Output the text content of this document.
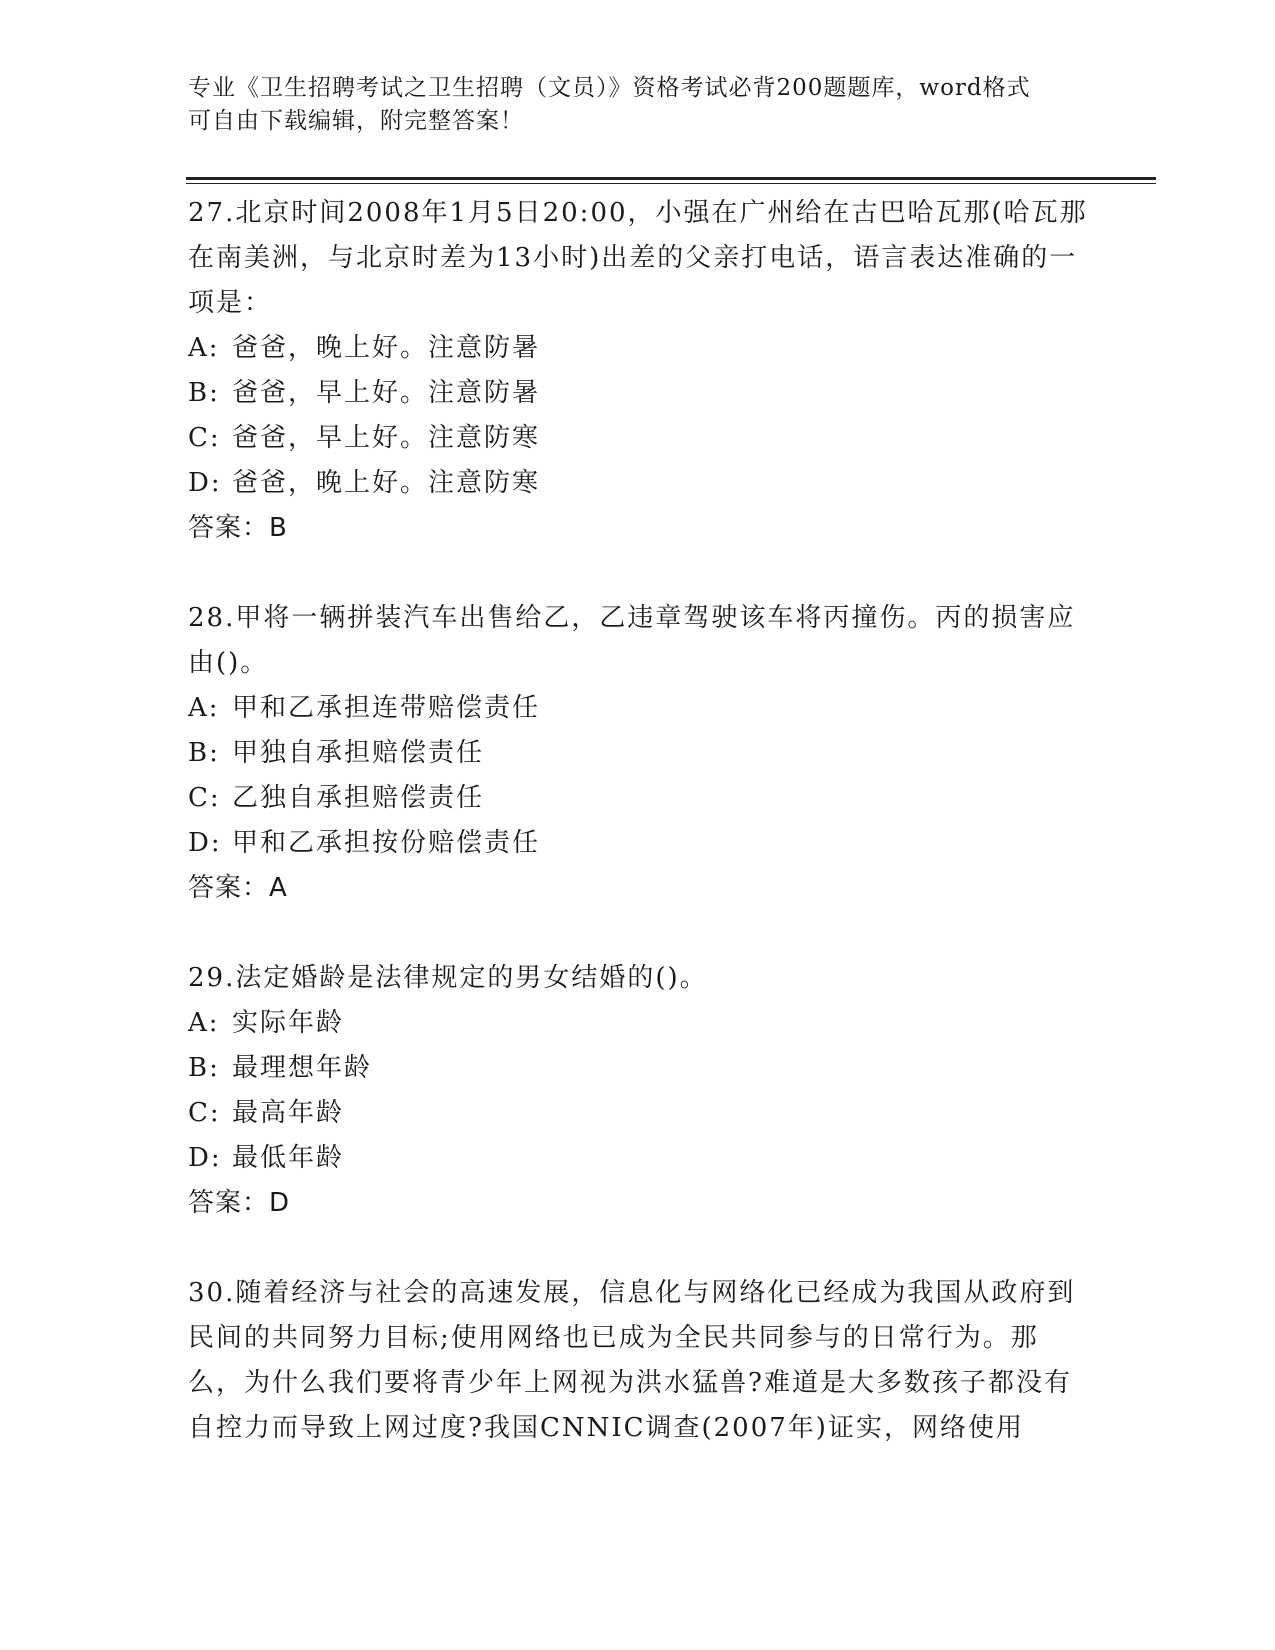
专业《卫生招聘考试之卫生招聘（文员）》资格考试必背200题题库，word格式
可自由下载编辑，附完整答案！

27.北京时间2008年1月5日20:00，小强在广州给在古巴哈瓦那(哈瓦那在南美洲，与北京时差为13小时)出差的父亲打电话，语言表达准确的一项是：

A: 爸爸，晚上好。注意防暑

B: 爸爸，早上好。注意防暑

C: 爸爸，早上好。注意防寒

D: 爸爸，晚上好。注意防寒

答案：B

28.甲将一辆拼装汽车出售给乙，乙违章驾驶该车将丙撞伤。丙的损害应由()。

A: 甲和乙承担连带赔偿责任

B: 甲独自承担赔偿责任

C: 乙独自承担赔偿责任

D: 甲和乙承担按份赔偿责任

答案：A

29.法定婚龄是法律规定的男女结婚的()。

A: 实际年龄

B: 最理想年龄

C: 最高年龄

D: 最低年龄

答案：D

30.随着经济与社会的高速发展，信息化与网络化已经成为我国从政府到民间的共同努力目标;使用网络也已成为全民共同参与的日常行为。那么，为什么我们要将青少年上网视为洪水猛兽?难道是大多数孩子都没有自控力而导致上网过度?我国CNNIC调查(2007年)证实，网络使用
